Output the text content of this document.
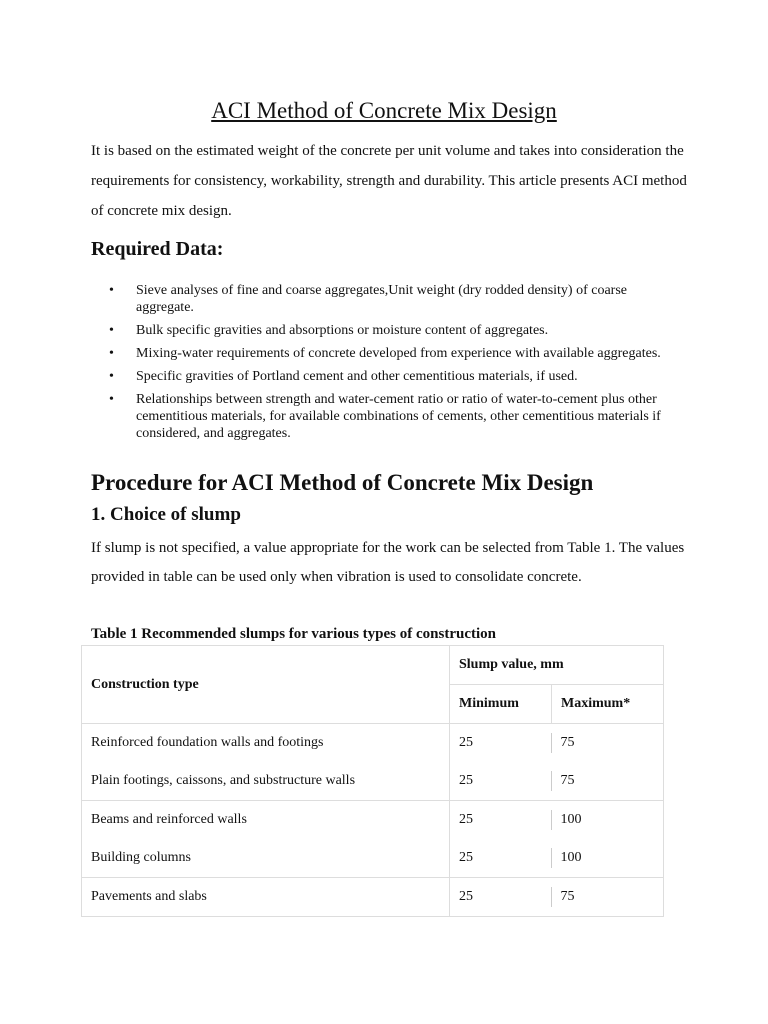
ACI Method of Concrete Mix Design

It is based on the estimated weight of the concrete per unit volume and takes into consideration the requirements for consistency, workability, strength and durability. This article presents ACI method of concrete mix design.

Required Data:
• Sieve analyses of fine and coarse aggregates,Unit weight (dry rodded density) of coarse aggregate.
• Bulk specific gravities and absorptions or moisture content of aggregates.
• Mixing-water requirements of concrete developed from experience with available aggregates.
• Specific gravities of Portland cement and other cementitious materials, if used.
• Relationships between strength and water-cement ratio or ratio of water-to-cement plus other cementitious materials, for available combinations of cements, other cementitious materials if considered, and aggregates.
Procedure for ACI Method of Concrete Mix Design
1. Choice of slump

If slump is not specified, a value appropriate for the work can be selected from Table 1. The values provided in table can be used only when vibration is used to consolidate concrete.

Table 1 Recommended slumps for various types of construction

Construction type	Slump value, mm	
	Minimum	Maximum*
Reinforced foundation walls and footings	25	75
Plain footings, caissons, and substructure walls	25	75
Beams and reinforced walls	25	100
Building columns	25	100
Pavements and slabs	25	75
